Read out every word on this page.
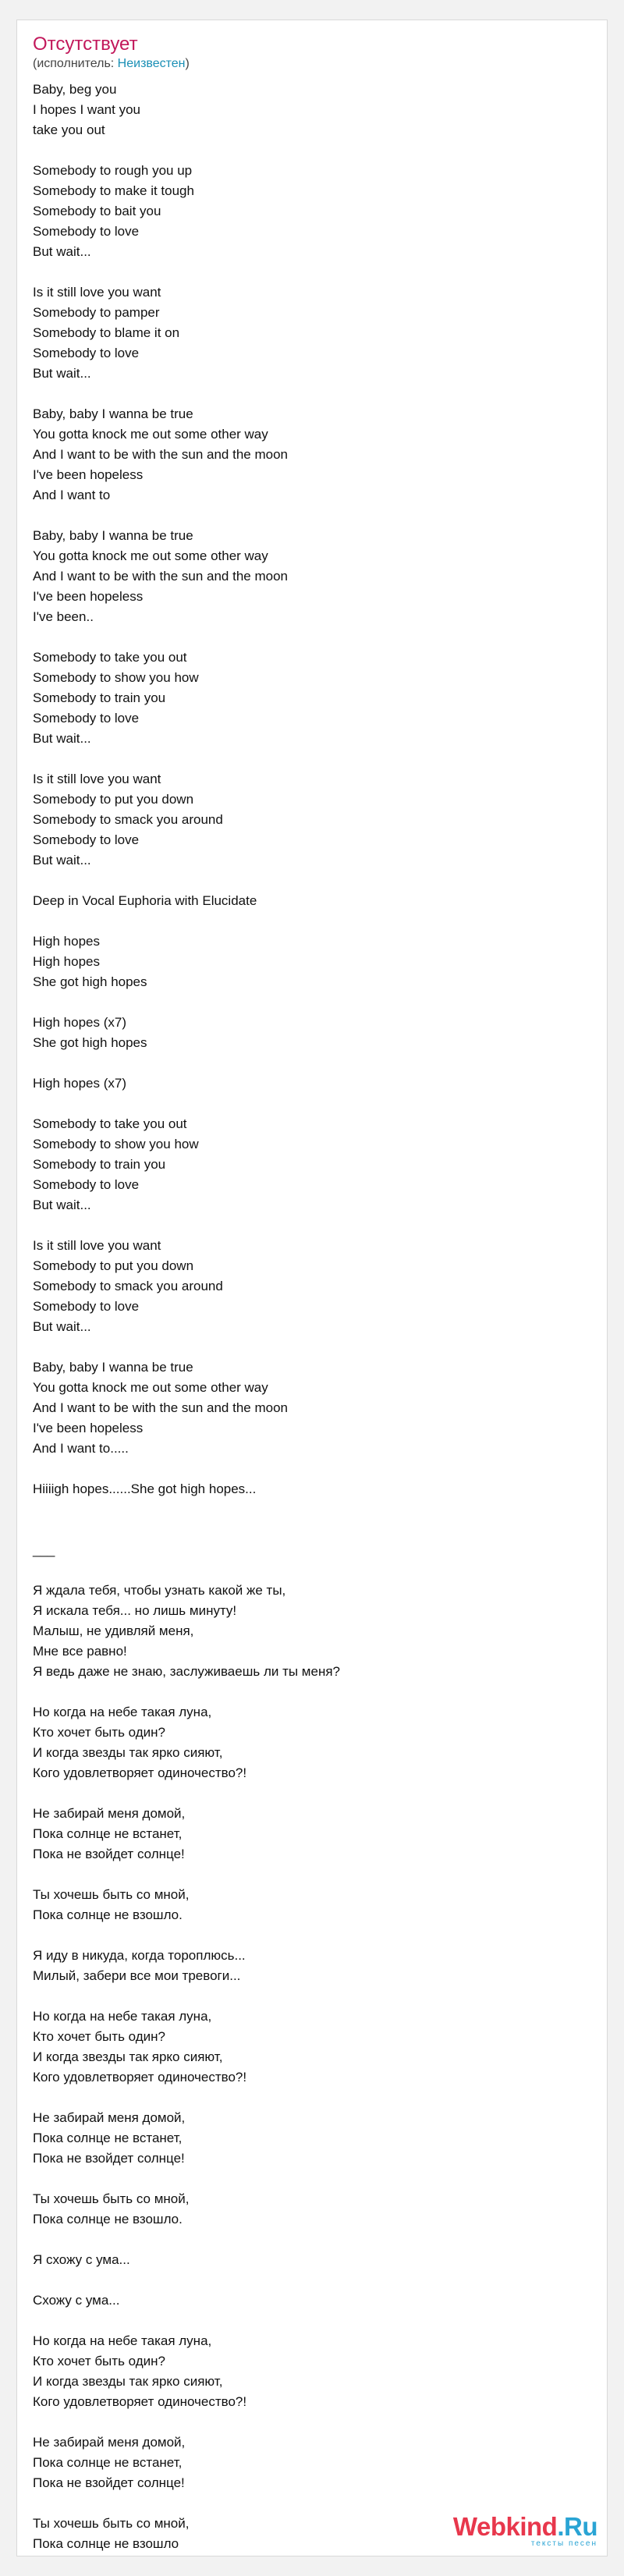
Отсутствует
(исполнитель: Неизвестен)
Baby, beg you
I hopes I want you
take you out
Somebody to rough you up
Somebody to make it tough
Somebody to bait you
Somebody to love
But wait...
Is it still love you want
Somebody to pamper
Somebody to blame it on
Somebody to love
But wait...
Baby, baby I wanna be true
You gotta knock me out some other way
And I want to be with the sun and the moon
I've been hopeless
And I want to
Baby, baby I wanna be true
You gotta knock me out some other way
And I want to be with the sun and the moon
I've been hopeless
I've been..
Somebody to take you out
Somebody to show you how
Somebody to train you
Somebody to love
But wait...
Is it still love you want
Somebody to put you down
Somebody to smack you around
Somebody to love
But wait...
Deep in Vocal Euphoria with Elucidate
High hopes
High hopes
She got high hopes
High hopes (x7)
She got high hopes
High hopes (x7)
Somebody to take you out
Somebody to show you how
Somebody to train you
Somebody to love
But wait...
Is it still love you want
Somebody to put you down
Somebody to smack you around
Somebody to love
But wait...
Baby, baby I wanna be true
You gotta knock me out some other way
And I want to be with the sun and the moon
I've been hopeless
And I want to.....
Hiiiigh hopes......She got high hopes...
___
Я ждала тебя, чтобы узнать какой же ты,
Я искала тебя... но лишь минуту!
Малыш, не удивляй меня,
Мне все равно!
Я ведь даже не знаю, заслуживаешь ли ты меня?
Но когда на небе такая луна,
Кто хочет быть один?
И когда звезды так ярко сияют,
Кого удовлетворяет одиночество?!
Не забирай меня домой,
Пока солнце не встанет,
Пока не взойдет солнце!
Ты хочешь быть со мной,
Пока солнце не взошло.
Я иду в никуда, когда тороплюсь...
Милый, забери все мои тревоги...
Но когда на небе такая луна,
Кто хочет быть один?
И когда звезды так ярко сияют,
Кого удовлетворяет одиночество?!
Не забирай меня домой,
Пока солнце не встанет,
Пока не взойдет солнце!
Ты хочешь быть со мной,
Пока солнце не взошло.
Я схожу с ума...
Схожу с ума...
Но когда на небе такая луна,
Кто хочет быть один?
И когда звезды так ярко сияют,
Кого удовлетворяет одиночество?!
Не забирай меня домой,
Пока солнце не встанет,
Пока не взойдет солнце!
Ты хочешь быть со мной,
Пока солнце не взошло
Webkind.Ru
тексты песен
